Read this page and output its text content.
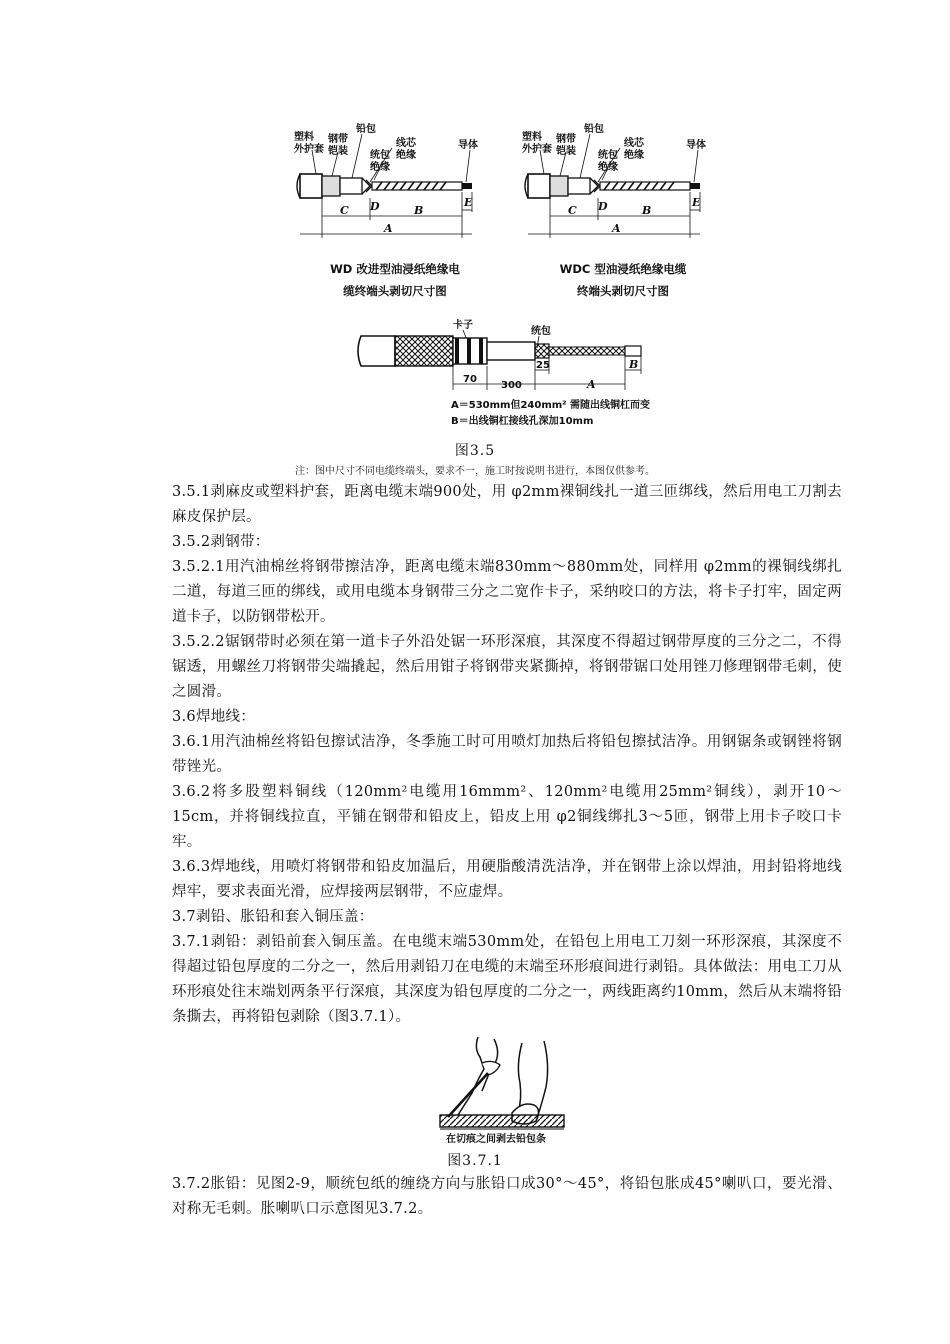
塑料
外护套
钢带
铠装
铅包
线芯
绝缘
统包
绝缘
导体
C D	B
E
A
WD 改进型油浸纸绝缘电
缆终端头剥切尺寸图
塑料
外护套
钢带
铠装
铅包
线芯
绝缘
统包
绝缘
导体
C D	B
E
A
WDC 型油浸纸绝缘电缆
终端头剥切尺寸图
卡子
统包
70
300
25
A
B
A＝530mm但240mm² 需随出线铜杠而变
B＝出线铜杠接线孔深加10mm
图3.5
注：图中尺寸不同电缆终端头，要求不一，施工时按说明书进行，本图仅供参考。

3.5.1剥麻皮或塑料护套，距离电缆末端900处，用 φ2mm裸铜线扎一道三匝绑线，然后用电工刀割去麻皮保护层。

3.5.2剥钢带：

3.5.2.1用汽油棉丝将钢带擦洁净，距离电缆末端830mm～880mm处，同样用 φ2mm的裸铜线绑扎二道，每道三匝的绑线，或用电缆本身钢带三分之二宽作卡子，采纳咬口的方法，将卡子打牢，固定两道卡子，以防钢带松开。

3.5.2.2锯钢带时必须在第一道卡子外沿处锯一环形深痕，其深度不得超过钢带厚度的三分之二，不得锯透，用螺丝刀将钢带尖端撬起，然后用钳子将钢带夹紧撕掉，将钢带锯口处用锉刀修理钢带毛刺，使之圆滑。

3.6焊地线：

3.6.1用汽油棉丝将铅包擦试洁净，冬季施工时可用喷灯加热后将铅包擦拭洁净。用钢锯条或钢锉将钢带锉光。

3.6.2将多股塑料铜线（120mm²电缆用16mmm²、120mm²电缆用25mm²铜线），剥开10～15cm，并将铜线拉直，平铺在钢带和铅皮上，铅皮上用 φ2铜线绑扎3～5匝，钢带上用卡子咬口卡牢。

3.6.3焊地线，用喷灯将钢带和铅皮加温后，用硬脂酸清洗洁净，并在钢带上涂以焊油，用封铅将地线焊牢，要求表面光滑，应焊接两层钢带，不应虚焊。

3.7剥铅、胀铅和套入铜压盖：

3.7.1剥铅：剥铅前套入铜压盖。在电缆末端530mm处，在铅包上用电工刀刻一环形深痕，其深度不得超过铅包厚度的二分之一，然后用剥铅刀在电缆的末端至环形痕间进行剥铅。具体做法：用电工刀从环形痕处往末端划两条平行深痕，其深度为铅包厚度的二分之一，两线距离约10mm，然后从末端将铅条撕去，再将铅包剥除（图3.7.1）。

在切痕之间剥去铅包条
图3.7.1

3.7.2胀铅：见图2-9，顺统包纸的缠绕方向与胀铅口成30°～45°，将铅包胀成45°喇叭口，要光滑、对称无毛刺。胀喇叭口示意图见3.7.2。
